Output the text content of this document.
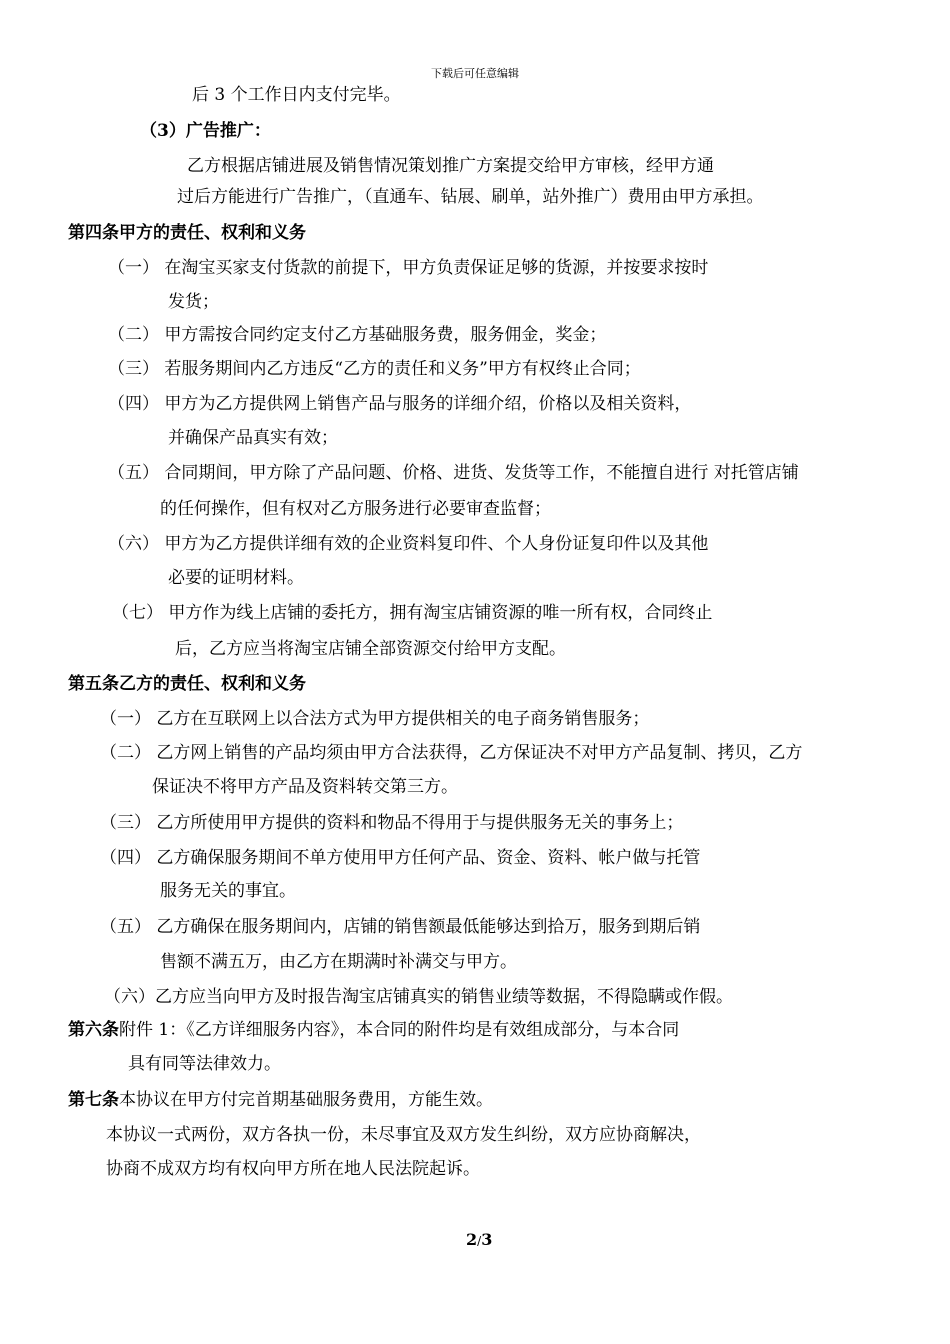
下载后可任意编辑
后 3 个工作日内支付完毕。
（3）广告推广：
乙方根据店铺进展及销售情况策划推广方案提交给甲方审核，经甲方通
过后方能进行广告推广，（直通车、钻展、刷单，站外推广）费用由甲方承担。
第四条甲方的责任、权利和义务
（一） 在淘宝买家支付货款的前提下，甲方负责保证足够的货源，并按要求按时
发货；
（二） 甲方需按合同约定支付乙方基础服务费，服务佣金，奖金；
（三） 若服务期间内乙方违反“乙方的责任和义务”甲方有权终止合同；
（四） 甲方为乙方提供网上销售产品与服务的详细介绍，价格以及相关资料，
并确保产品真实有效；
（五） 合同期间，甲方除了产品问题、价格、进货、发货等工作，不能擅自进行 对托管店铺
的任何操作，但有权对乙方服务进行必要审查监督；
（六） 甲方为乙方提供详细有效的企业资料复印件、个人身份证复印件以及其他
必要的证明材料。
（七） 甲方作为线上店铺的委托方，拥有淘宝店铺资源的唯一所有权，合同终止
后，乙方应当将淘宝店铺全部资源交付给甲方支配。
第五条乙方的责任、权利和义务
（一） 乙方在互联网上以合法方式为甲方提供相关的电子商务销售服务；
（二） 乙方网上销售的产品均须由甲方合法获得，乙方保证决不对甲方产品复制、拷贝，乙方
保证决不将甲方产品及资料转交第三方。
（三） 乙方所使用甲方提供的资料和物品不得用于与提供服务无关的事务上；
（四） 乙方确保服务期间不单方使用甲方任何产品、资金、资料、帐户做与托管
服务无关的事宜。
（五） 乙方确保在服务期间内，店铺的销售额最低能够达到拾万，服务到期后销
售额不满五万，由乙方在期满时补满交与甲方。
（六）乙方应当向甲方及时报告淘宝店铺真实的销售业绩等数据，不得隐瞒或作假。
第六条附件 1：《乙方详细服务内容》，本合同的附件均是有效组成部分，与本合同
具有同等法律效力。
第七条本协议在甲方付完首期基础服务费用，方能生效。
本协议一式两份，双方各执一份，未尽事宜及双方发生纠纷，双方应协商解决，
协商不成双方均有权向甲方所在地人民法院起诉。
2/3
